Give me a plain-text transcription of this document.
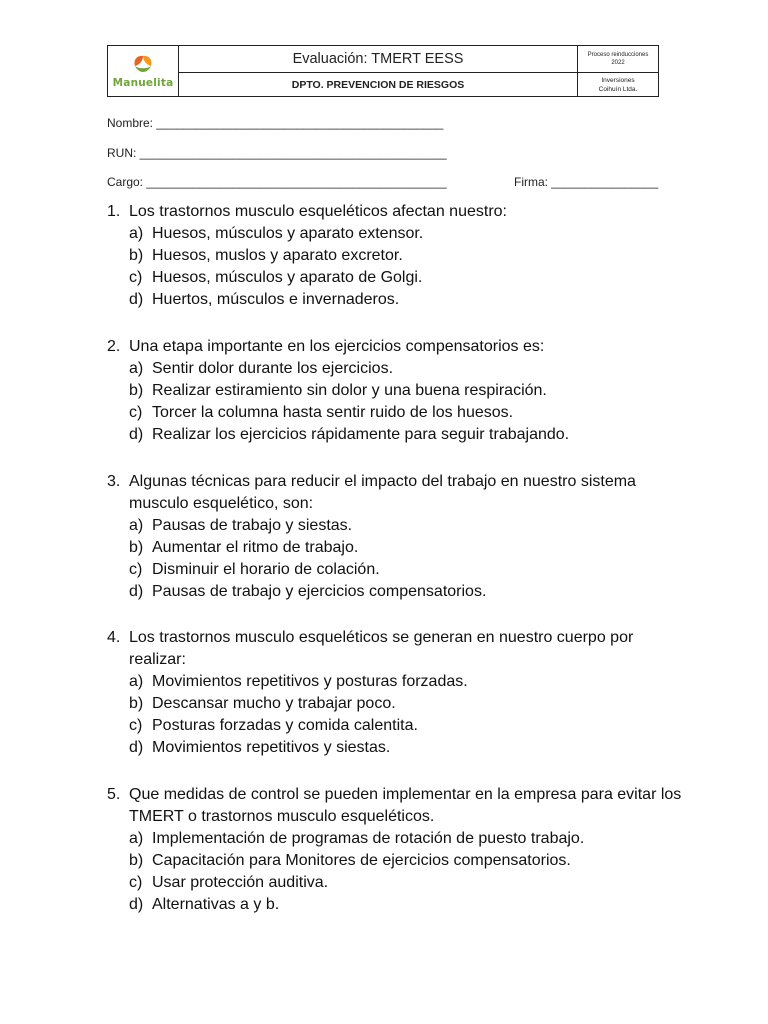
Manuelita
Evaluación: TMERT EESS
DPTO. PREVENCION DE RIESGOS
Proceso reinducciones
2022
Inversiones
Coihuín Ltda.
Nombre: ___________________________________________
RUN: ______________________________________________
Cargo: _____________________________________________	Firma: ________________
1. Los trastornos musculo esqueléticos afectan nuestro:
a) Huesos, músculos y aparato extensor.
b) Huesos, muslos y aparato excretor.
c) Huesos, músculos y aparato de Golgi.
d) Huertos, músculos e invernaderos.
2. Una etapa importante en los ejercicios compensatorios es:
a) Sentir dolor durante los ejercicios.
b) Realizar estiramiento sin dolor y una buena respiración.
c) Torcer la columna hasta sentir ruido de los huesos.
d) Realizar los ejercicios rápidamente para seguir trabajando.
3. Algunas técnicas para reducir el impacto del trabajo en nuestro sistema musculo esquelético, son:
a) Pausas de trabajo y siestas.
b) Aumentar el ritmo de trabajo.
c) Disminuir el horario de colación.
d) Pausas de trabajo y ejercicios compensatorios.
4. Los trastornos musculo esqueléticos se generan en nuestro cuerpo por realizar:
a) Movimientos repetitivos y posturas forzadas.
b) Descansar mucho y trabajar poco.
c) Posturas forzadas y comida calentita.
d) Movimientos repetitivos y siestas.
5. Que medidas de control se pueden implementar en la empresa para evitar los TMERT o trastornos musculo esqueléticos.
a) Implementación de programas de rotación de puesto trabajo.
b) Capacitación para Monitores de ejercicios compensatorios.
c) Usar protección auditiva.
d) Alternativas a y b.
